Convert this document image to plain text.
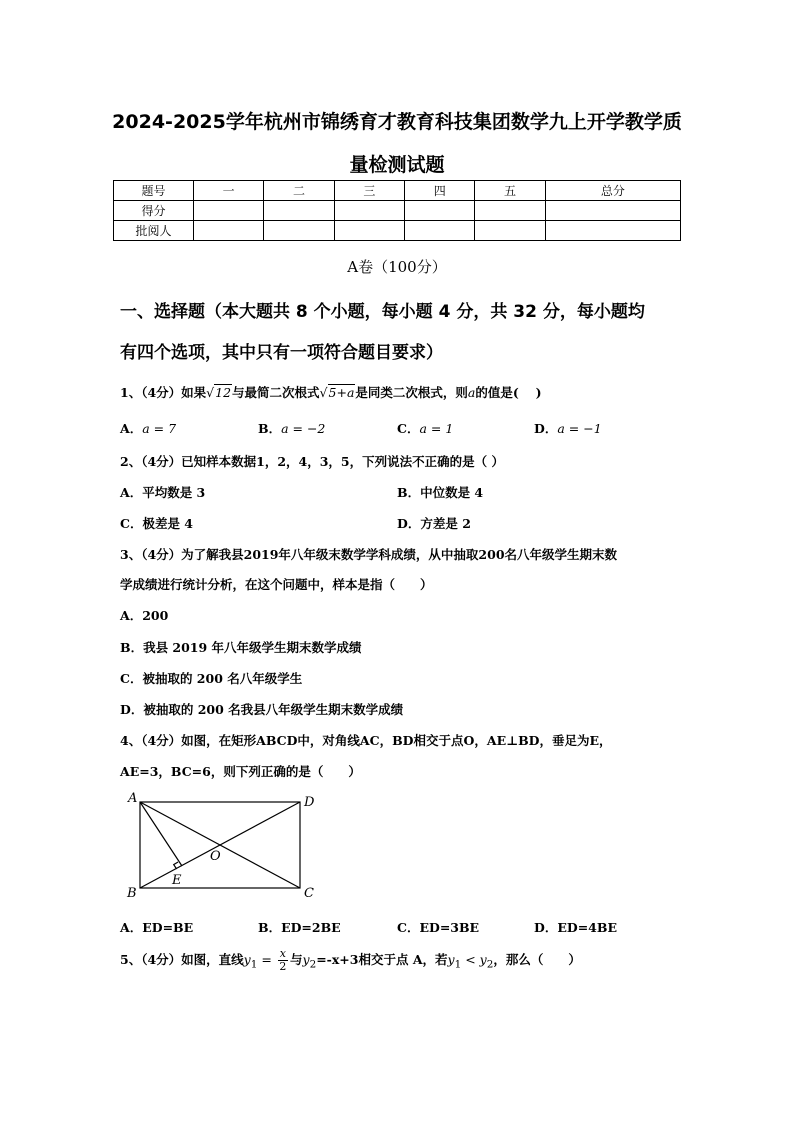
2024-2025学年杭州市锦绣育才教育科技集团数学九上开学教学质
量检测试题
题号	一	二	三	四	五	总分
得分						
批阅人						
A卷（100分）
一、选择题（本大题共 8 个小题，每小题 4 分，共 32 分，每小题均
有四个选项，其中只有一项符合题目要求）
1、（4分）如果√12与最简二次根式√5+a是同类二次根式，则a的值是(　 )
A．a = 7	B．a = −2	C．a = 1	D．a = −1
2、（4分）已知样本数据1，2，4，3，5，下列说法不正确的是（ ）
A．平均数是 3	B．中位数是 4
C．极差是 4	D．方差是 2
3、（4分）为了解我县2019年八年级末数学学科成绩，从中抽取200名八年级学生期末数
学成绩进行统计分析，在这个问题中，样本是指（　　）
A．200
B．我县 2019 年八年级学生期末数学成绩
C．被抽取的 200 名八年级学生
D．被抽取的 200 名我县八年级学生期末数学成绩
4、（4分）如图，在矩形ABCD中，对角线AC，BD相交于点O，AE⊥BD，垂足为E，
AE=3，BC=6，则下列正确的是（　　）
A
B	C
D
O
E
A．ED=BE	B．ED=2BE	C．ED=3BE	D．ED=4BE
5、（4分）如图，直线$y_1 = \frac{x}{2}$ 与$y_2=-x+3$相交于点 A，若$y_1 < y_2$，那么（　　）
